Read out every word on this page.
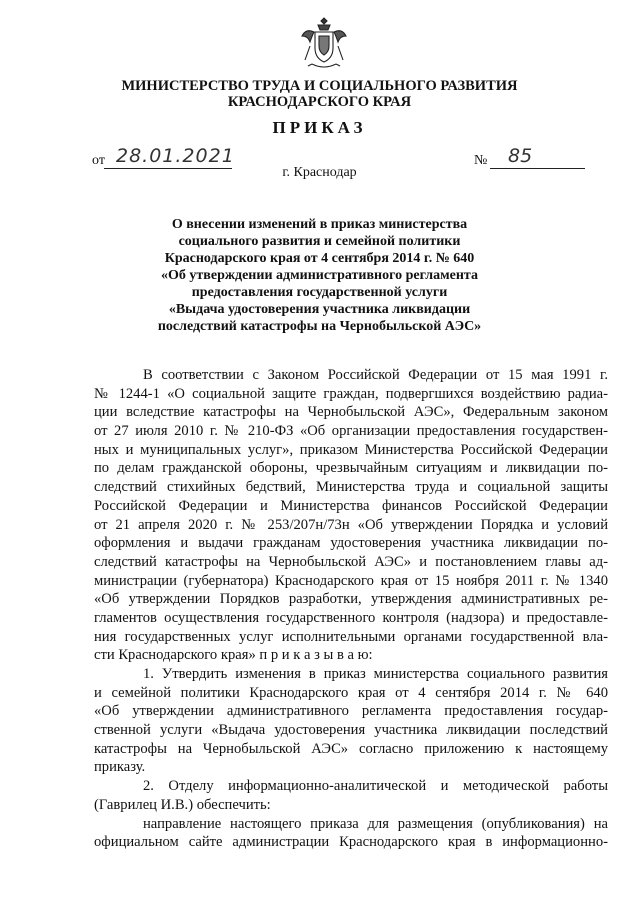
МИНИСТЕРСТВО ТРУДА И СОЦИАЛЬНОГО РАЗВИТИЯ
КРАСНОДАРСКОГО КРАЯ
ПРИКАЗ
от 28.01.2021	№ 85
г. Краснодар
О внесении изменений в приказ министерства
социального развития и семейной политики
Краснодарского края от 4 сентября 2014 г. № 640
«Об утверждении административного регламента
предоставления государственной услуги
«Выдача удостоверения участника ликвидации
последствий катастрофы на Чернобыльской АЭС»
В соответствии с Законом Российской Федерации от 15 мая 1991 г.
№ 1244-1 «О социальной защите граждан, подвергшихся воздействию радиа-
ции вследствие катастрофы на Чернобыльской АЭС», Федеральным законом
от 27 июля 2010 г. № 210-ФЗ «Об организации предоставления государствен-
ных и муниципальных услуг», приказом Министерства Российской Федерации
по делам гражданской обороны, чрезвычайным ситуациям и ликвидации по-
следствий стихийных бедствий, Министерства труда и социальной защиты
Российской Федерации и Министерства финансов Российской Федерации
от 21 апреля 2020 г. № 253/207н/73н «Об утверждении Порядка и условий
оформления и выдачи гражданам удостоверения участника ликвидации по-
следствий катастрофы на Чернобыльской АЭС» и постановлением главы ад-
министрации (губернатора) Краснодарского края от 15 ноября 2011 г. № 1340
«Об утверждении Порядков разработки, утверждения административных ре-
гламентов осуществления государственного контроля (надзора) и предоставле-
ния государственных услуг исполнительными органами государственной вла-
сти Краснодарского края» п р и к а з ы в а ю:
1. Утвердить изменения в приказ министерства социального развития
и семейной политики Краснодарского края от 4 сентября 2014 г. № 640
«Об утверждении административного регламента предоставления государ-
ственной услуги «Выдача удостоверения участника ликвидации последствий
катастрофы на Чернобыльской АЭС» согласно приложению к настоящему
приказу.
2. Отделу информационно-аналитической и методической работы
(Гаврилец И.В.) обеспечить:
направление настоящего приказа для размещения (опубликования) на
официальном сайте администрации Краснодарского края в информационно-
